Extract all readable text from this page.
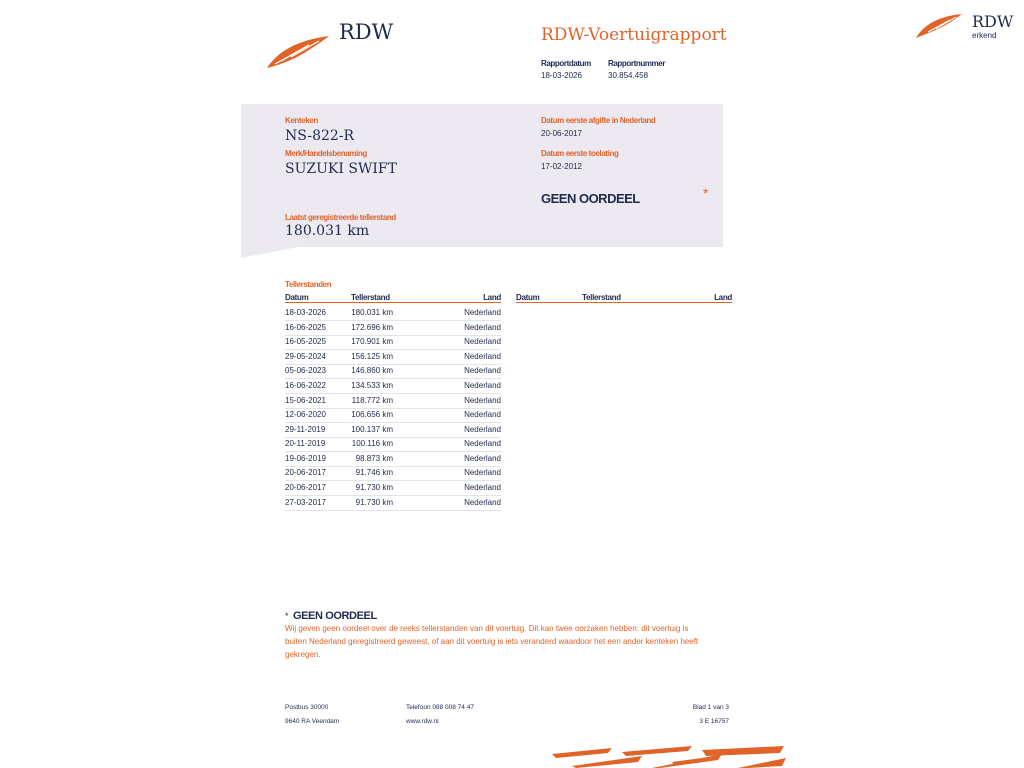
RDW
erkend
RDW	RDW-Voertuigrapport
Rapportdatum
18-03-2026
Rapportnummer
30.854.458
Kenteken
NS-822-R
Merk/Handelsbenaming
SUZUKI SWIFT
Laatst geregistreerde tellerstand
180.031 km
Datum eerste afgifte in Nederland
20-06-2017
Datum eerste toelating
17-02-2012
GEEN OORDEEL	*
Tellerstanden
Datum	Tellerstand	Land Datum	Tellerstand	Land
18-03-2026	180.031 km	Nederland
16-06-2025	172.696 km	Nederland
16-05-2025	170.901 km	Nederland
29-05-2024	156.125 km	Nederland
05-06-2023	146.860 km	Nederland
16-06-2022	134.533 km	Nederland
15-06-2021	118.772 km	Nederland
12-06-2020	106.656 km	Nederland
29-11-2019	100.137 km	Nederland
20-11-2019	100.116 km	Nederland
19-06-2019	98.873 km	Nederland
20-06-2017	91.746 km	Nederland
20-06-2017	91.730 km	Nederland
27-03-2017	91.730 km	Nederland
* GEEN OORDEEL
Wij geven geen oordeel over de reeks tellerstanden van dit voertuig. Dit kan twee oorzaken hebben: dit voertuig is buiten Nederland geregistreerd geweest, of aan dit voertuig is iets veranderd waardoor het een ander kenteken heeft gekregen.
Postbus 30000
9640 RA Veendam
Telefoon 088 008 74 47
www.rdw.nl
Blad 1 van 3
3 E 16757
